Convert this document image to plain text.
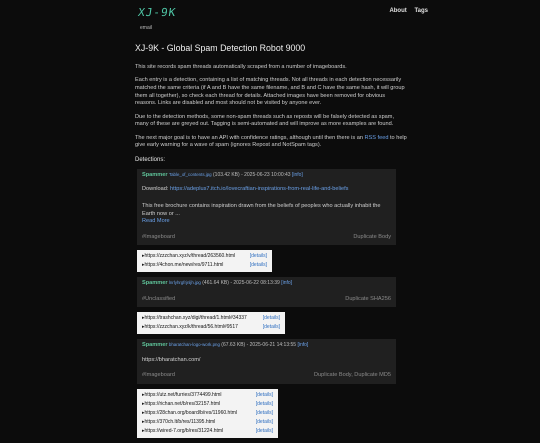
XJ-9K
email
About Tags
XJ-9K - Global Spam Detection Robot 9000

This site records spam threads automatically scraped from a number of imageboards.

Each entry is a detection, containing a list of matching threads. Not all threads in each detection necessarily matched the same criteria (if A and B have the same filename, and B and C have the same hash, it will group them all together), so check each thread for details. Attached images have been removed for obvious reasons. Links are disabled and most should not be visited by anyone ever.

Due to the detection methods, some non-spam threads such as reposts will be falsely detected as spam, many of these are greyed out. Tagging is semi-automated and will improve as more examples are found.

The next major goal is to have an API with confidence ratings, although until then there is an RSS feed to help give early warning for a wave of spam (ignores Repost and NotSpam tags).

Detections:
Spammer Table_of_contents.jpg (103.42 KB) - 2025-06-23 10:00:43 [info]
Download: https://adeplus7.itch.io/lovecraftian-inspirations-from-real-life-and-beliefs
This free brochure contains inspiration drawn from the beliefs of peoples who actually inhabit the Earth now or ...
Read More
#Imageboard	Duplicate Body
▸ https://zzzchan.xyz/v/thread/263560.html	[details]
▸ https://4chon.me/new/res/9711.html	[details]
Spammer lnrlyhrgfrjnljh.jpg (461.64 KB) - 2025-06-22 08:13:39 [info]
#Unclassified	Duplicate SHA256
▸ https://trashchan.xyz/digi/thread/1.html#34337	[details]
▸ https://zzzchan.xyz/k/thread/56.html#9517	[details]
Spammer bharatchan-logo-work.png (67.63 KB) - 2025-06-21 14:13:55 [info]
https://bharatchan.com/
#Imageboard	Duplicate Body, Duplicate MD5
▸ https://utz.net/furries/3774499.html	[details]
▸ https://richan.net/b/res/32157.html	[details]
▸ https://28chan.org/board/b/res/11960.html	[details]
▸ https://370ch.lt/b/res/11395.html	[details]
▸ https://wired-7.org/b/res/31224.html	[details]
